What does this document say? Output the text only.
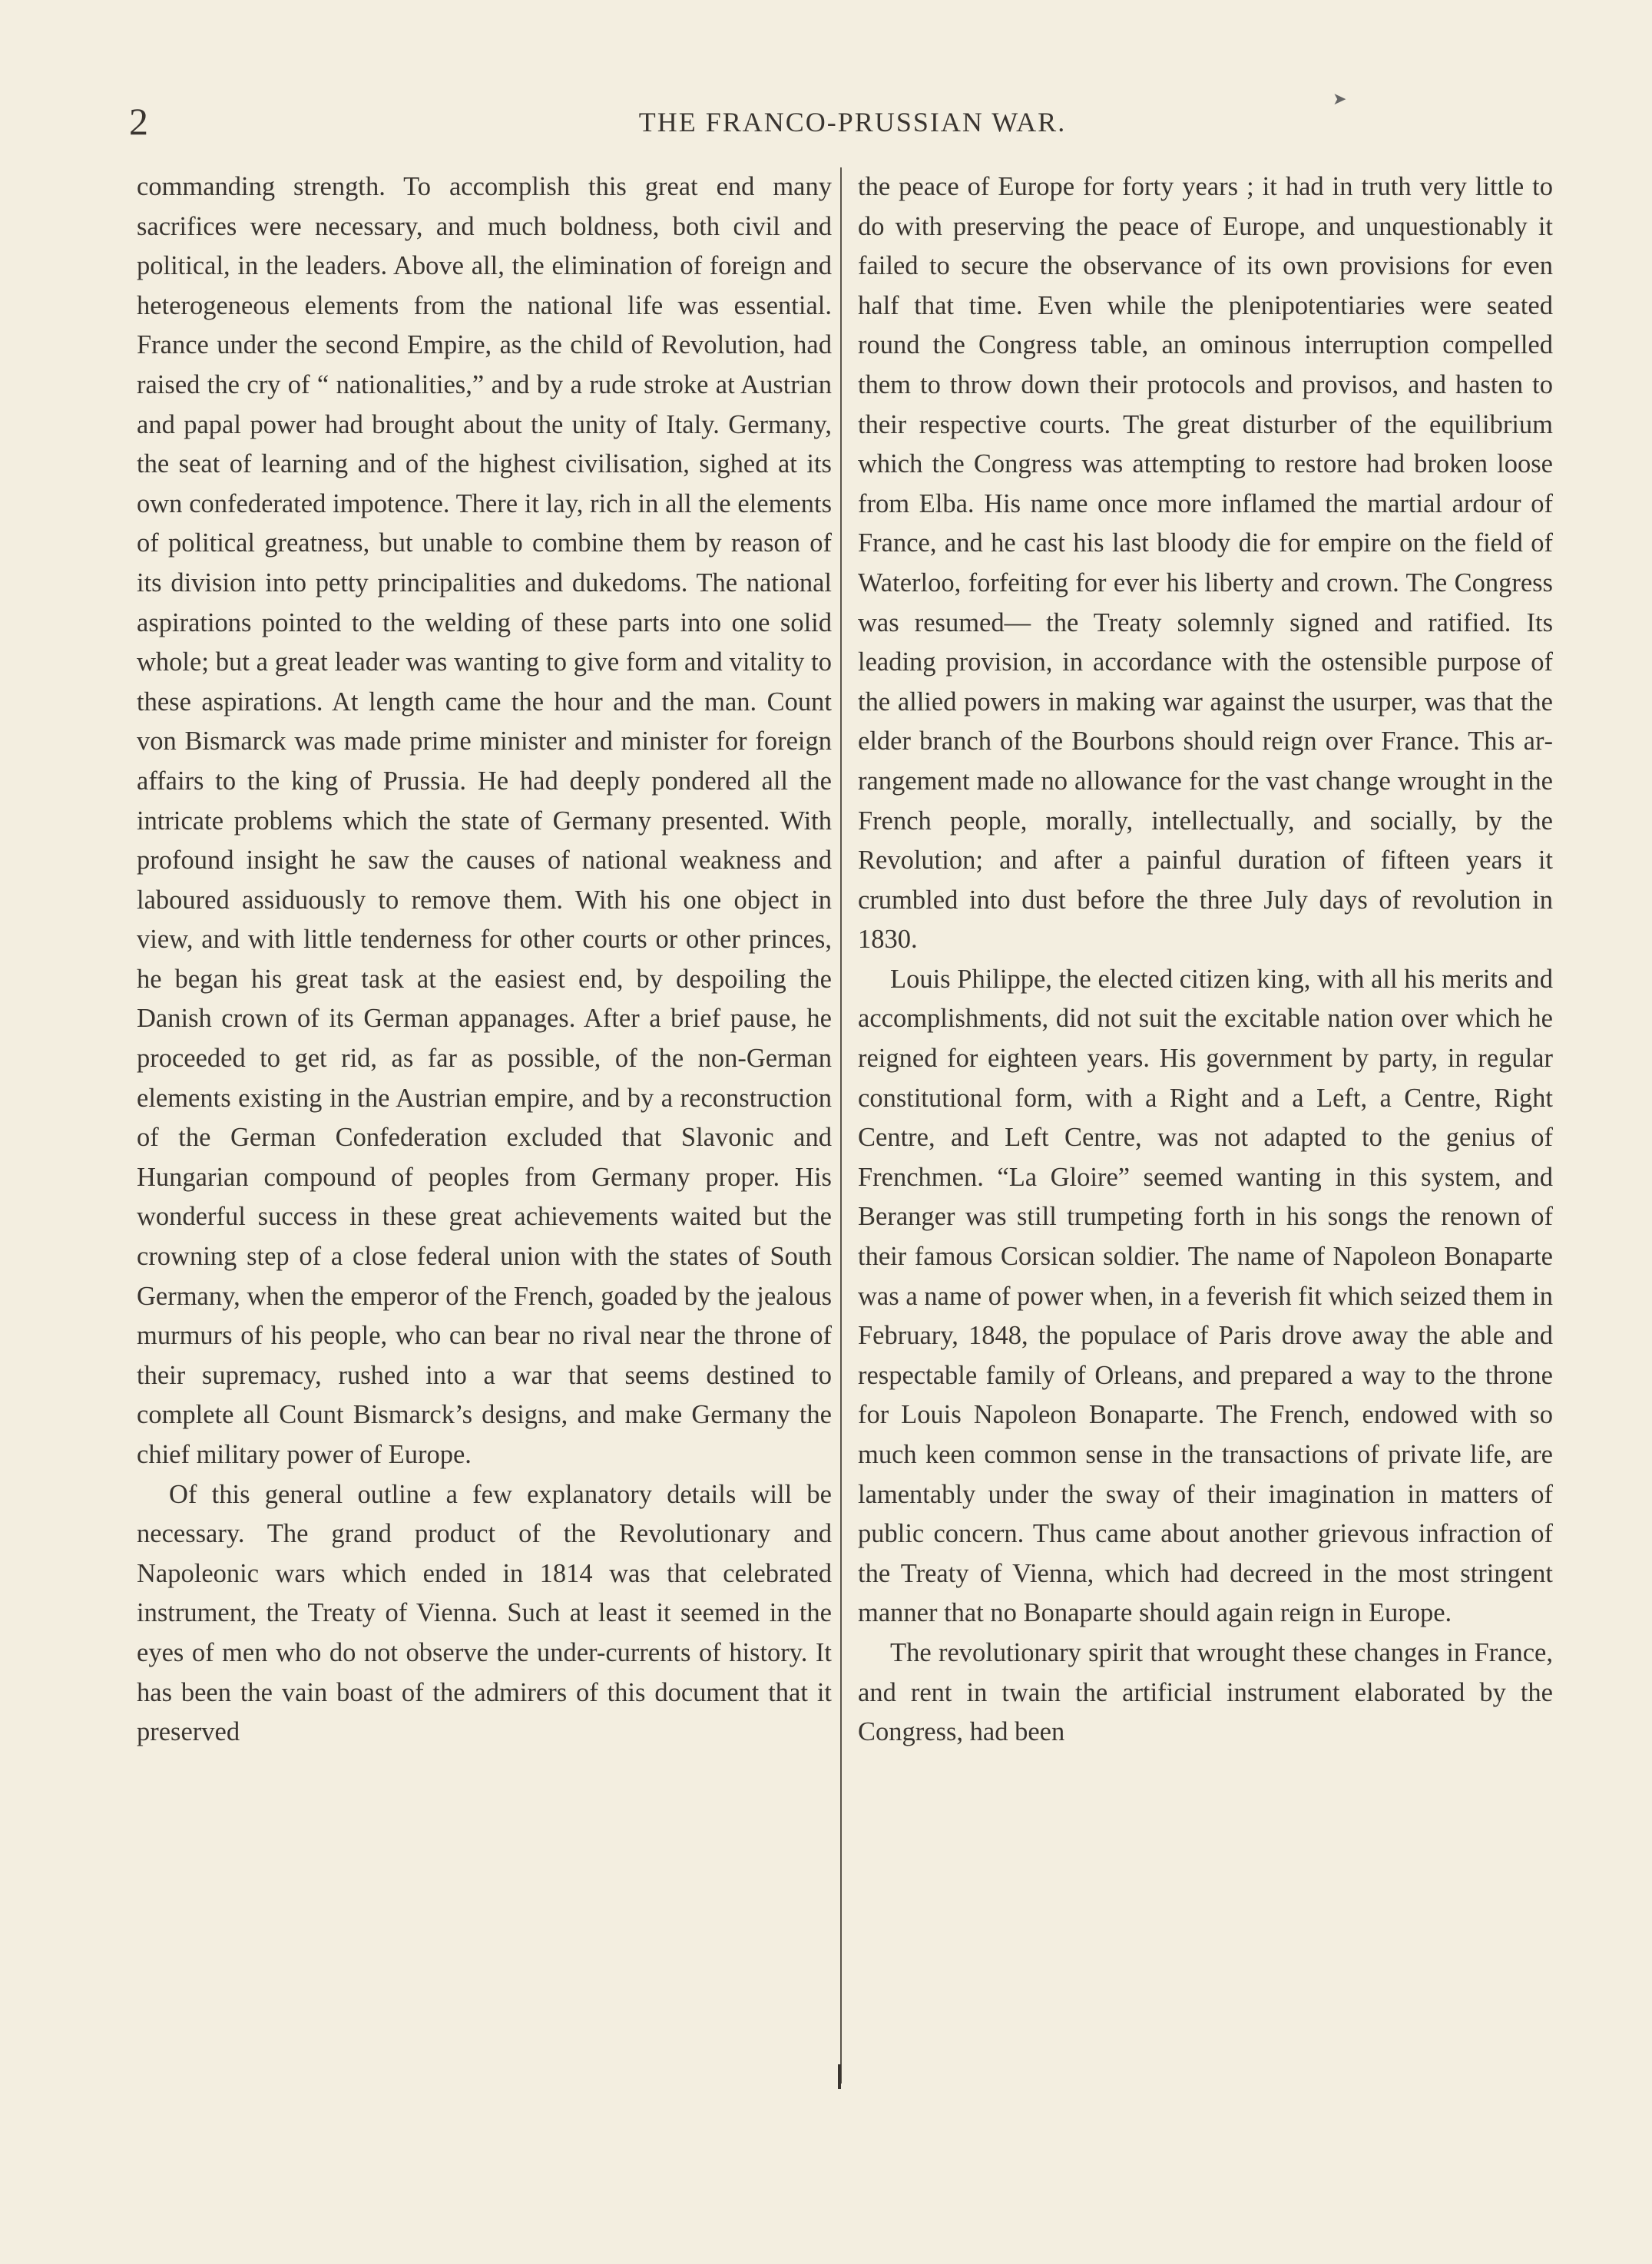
2	THE FRANCO-PRUSSIAN WAR.
➤

commanding strength. To accomplish this great end many sacrifices were necessary, and much boldness, both civil and political, in the leaders. Above all, the elimination of foreign and heterogeneous elements from the national life was essential. France under the second Empire, as the child of Revolution, had raised the cry of “ nationalities,” and by a rude stroke at Austrian and papal power had brought about the unity of Italy. Germany, the seat of learning and of the highest civilisation, sighed at its own confederated impotence. There it lay, rich in all the elements of political greatness, but unable to combine them by reason of its division into petty principalities and dukedoms. The national aspirations pointed to the welding of these parts into one solid whole; but a great leader was wanting to give form and vitality to these aspirations. At length came the hour and the man. Count von Bismarck was made prime minister and minister for foreign affairs to the king of Prussia. He had deeply pondered all the intricate problems which the state of Germany presented. With profound insight he saw the causes of national weakness and laboured assiduously to remove them. With his one object in view, and with little tenderness for other courts or other princes, he began his great task at the easiest end, by despoiling the Danish crown of its German appanages. After a brief pause, he proceeded to get rid, as far as possible, of the non-German elements existing in the Austrian empire, and by a reconstruction of the German Confederation excluded that Slavonic and Hungarian compound of peoples from Germany proper. His wonderful success in these great achievements waited but the crowning step of a close federal union with the states of South Germany, when the emperor of the French, goaded by the jealous murmurs of his people, who can bear no rival near the throne of their supremacy, rushed into a war that seems destined to complete all Count Bismarck’s designs, and make Germany the chief military power of Europe.

Of this general outline a few explanatory details will be necessary. The grand product of the Revolutionary and Napoleonic wars which ended in 1814 was that celebrated instrument, the Treaty of Vienna. Such at least it seemed in the eyes of men who do not observe the under-currents of history. It has been the vain boast of the admirers of this document that it preserved

the peace of Europe for forty years ; it had in truth very little to do with preserving the peace of Europe, and unquestionably it failed to secure the observance of its own provisions for even half that time. Even while the plenipotentiaries were seated round the Congress table, an ominous interruption compelled them to throw down their protocols and provisos, and hasten to their respective courts. The great disturber of the equilibrium which the Congress was attempting to restore had broken loose from Elba. His name once more inflamed the martial ardour of France, and he cast his last bloody die for empire on the field of Waterloo, forfeiting for ever his liberty and crown. The Congress was resumed— the Treaty solemnly signed and ratified. Its leading provision, in accordance with the ostensible purpose of the allied powers in making war against the usurper, was that the elder branch of the Bourbons should reign over France. This arrangement made no allowance for the vast change wrought in the French people, morally, intellectually, and socially, by the Revolution; and after a painful duration of fifteen years it crumbled into dust before the three July days of revolution in 1830.

Louis Philippe, the elected citizen king, with all his merits and accomplishments, did not suit the excitable nation over which he reigned for eighteen years. His government by party, in regular constitutional form, with a Right and a Left, a Centre, Right Centre, and Left Centre, was not adapted to the genius of Frenchmen. “La Gloire” seemed wanting in this system, and Beranger was still trumpeting forth in his songs the renown of their famous Corsican soldier. The name of Napoleon Bonaparte was a name of power when, in a feverish fit which seized them in February, 1848, the populace of Paris drove away the able and respectable family of Orleans, and prepared a way to the throne for Louis Napoleon Bonaparte. The French, endowed with so much keen common sense in the transactions of private life, are lamentably under the sway of their imagination in matters of public concern. Thus came about another grievous infraction of the Treaty of Vienna, which had decreed in the most stringent manner that no Bonaparte should again reign in Europe.

The revolutionary spirit that wrought these changes in France, and rent in twain the artificial instrument elaborated by the Congress, had been
